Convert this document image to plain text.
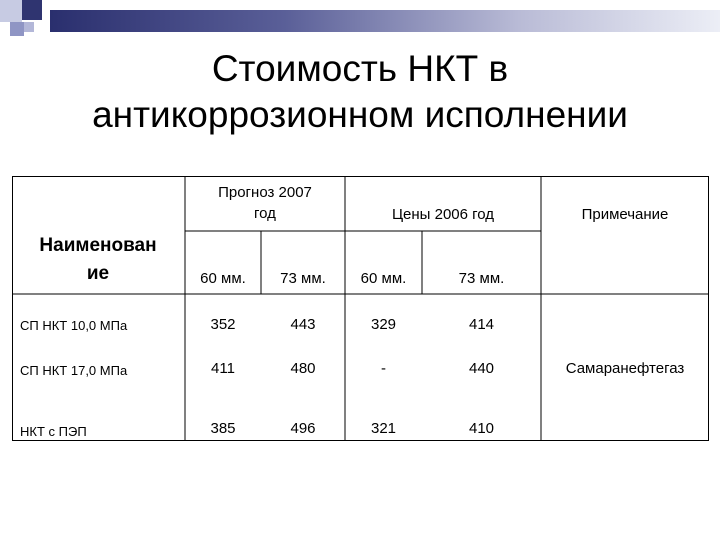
Стоимость НКТ в
антикоррозионном исполнении
Наименован
ие
Прогноз 2007
год	Цены 2006 год	Примечание
60 мм.	73 мм.	60 мм.	73 мм.
СП НКТ 10,0 МПа	352	443	329	414
СП НКТ 17,0 МПа	411	480	-	440	Самаранефтегаз
НКТ с ПЭП	385	496	321	410
